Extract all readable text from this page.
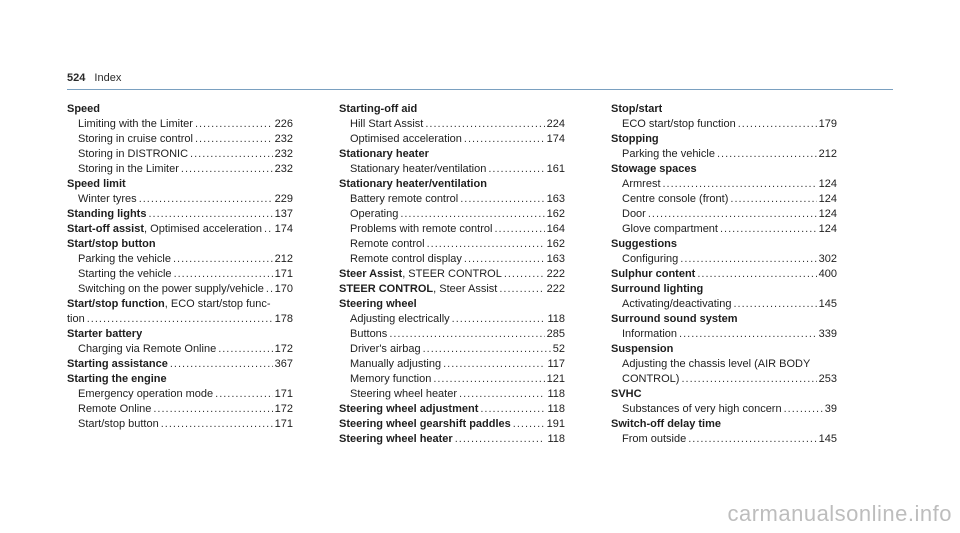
524 Index
Speed
Limiting with the Limiter .....	226
Storing in cruise control .....	232
Storing in DISTRONIC .....	232
Storing in the Limiter .....	232
Speed limit
Winter tyres .....	229
Standing lights .....	137
Start-off assist, Optimised acceleration ..... 174
Start/stop button
Parking the vehicle .....	212
Starting the vehicle .....	171
Switching on the power supply/vehicle ..... 170
Start/stop function, ECO start/stop func-
tion .....	178
Starter battery
Charging via Remote Online .....	172
Starting assistance .....	367
Starting the engine
Emergency operation mode .....	171
Remote Online .....	172
Start/stop button .....	171
Starting-off aid
Hill Start Assist .....	224
Optimised acceleration .....	174
Stationary heater
Stationary heater/ventilation .....	161
Stationary heater/ventilation
Battery remote control .....	163
Operating .....	162
Problems with remote control .....	164
Remote control .....	162
Remote control display .....	163
Steer Assist, STEER CONTROL .....	222
STEER CONTROL, Steer Assist .....	222
Steering wheel
Adjusting electrically .....	118
Buttons .....	285
Driver's airbag .....	52
Manually adjusting .....	117
Memory function .....	121
Steering wheel heater .....	118
Steering wheel adjustment .....	118
Steering wheel gearshift paddles .....	191
Steering wheel heater .....	118
Stop/start
ECO start/stop function .....	179
Stopping
Parking the vehicle .....	212
Stowage spaces
Armrest .....	124
Centre console (front) .....	124
Door .....	124
Glove compartment .....	124
Suggestions
Configuring .....	302
Sulphur content .....	400
Surround lighting
Activating/deactivating .....	145
Surround sound system
Information .....	339
Suspension
Adjusting the chassis level (AIR BODY
CONTROL) .....	253
SVHC
Substances of very high concern .....	39
Switch-off delay time
From outside .....	145
carmanualsonline.info
